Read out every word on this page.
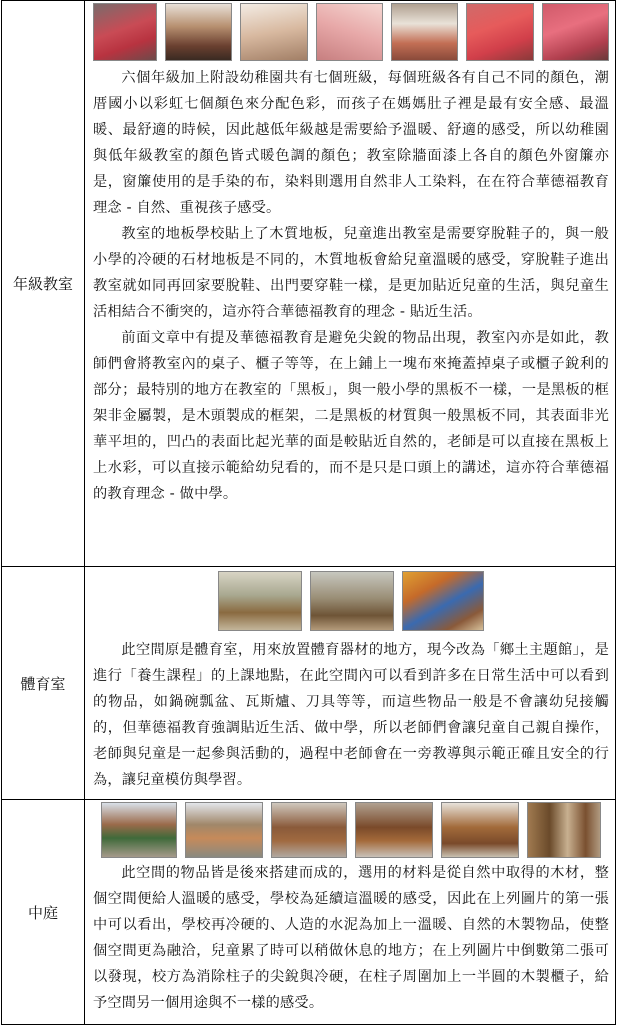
年級教室	六個年級加上附設幼稚園共有七個班級，每個班級各有自己不同的顏色，潮厝國小以彩虹七個顏色來分配色彩，而孩子在媽媽肚子裡是最有安全感、最溫暖、最舒適的時候，因此越低年級越是需要給予溫暖、舒適的感受，所以幼稚園與低年級教室的顏色皆式暖色調的顏色；教室除牆面漆上各自的顏色外窗簾亦是，窗簾使用的是手染的布，染料則選用自然非人工染料，在在符合華德福教育理念 - 自然、重視孩子感受。

教室的地板學校貼上了木質地板，兒童進出教室是需要穿脫鞋子的，與一般小學的冷硬的石材地板是不同的，木質地板會給兒童溫暖的感受，穿脫鞋子進出教室就如同再回家要脫鞋、出門要穿鞋一樣，是更加貼近兒童的生活，與兒童生活相結合不衝突的，這亦符合華德福教育的理念 - 貼近生活。

前面文章中有提及華德福教育是避免尖銳的物品出現，教室內亦是如此，教師們會將教室內的桌子、櫃子等等，在上鋪上一塊布來掩蓋掉桌子或櫃子銳利的部分；最特別的地方在教室的「黑板」，與一般小學的黑板不一樣，一是黑板的框架非金屬製，是木頭製成的框架，二是黑板的材質與一般黑板不同，其表面非光華平坦的，凹凸的表面比起光華的面是較貼近自然的，老師是可以直接在黑板上上水彩，可以直接示範給幼兒看的，而不是只是口頭上的講述，這亦符合華德福的教育理念 - 做中學。

體育室	此空間原是體育室，用來放置體育器材的地方，現今改為「鄉土主題館」，是進行「養生課程」的上課地點，在此空間內可以看到許多在日常生活中可以看到的物品，如鍋碗瓢盆、瓦斯爐、刀具等等，而這些物品一般是不會讓幼兒接觸的，但華德福教育強調貼近生活、做中學，所以老師們會讓兒童自己親自操作，老師與兒童是一起參與活動的，過程中老師會在一旁教導與示範正確且安全的行為，讓兒童模仿與學習。

中庭	此空間的物品皆是後來搭建而成的，選用的材料是從自然中取得的木材，整個空間便給人溫暖的感受，學校為延續這溫暖的感受，因此在上列圖片的第一張中可以看出，學校再冷硬的、人造的水泥為加上一溫暖、自然的木製物品，使整個空間更為融洽，兒童累了時可以稍做休息的地方；在上列圖片中倒數第二張可以發現，校方為消除柱子的尖銳與冷硬，在柱子周圍加上一半圓的木製櫃子，給予空間另一個用途與不一樣的感受。
